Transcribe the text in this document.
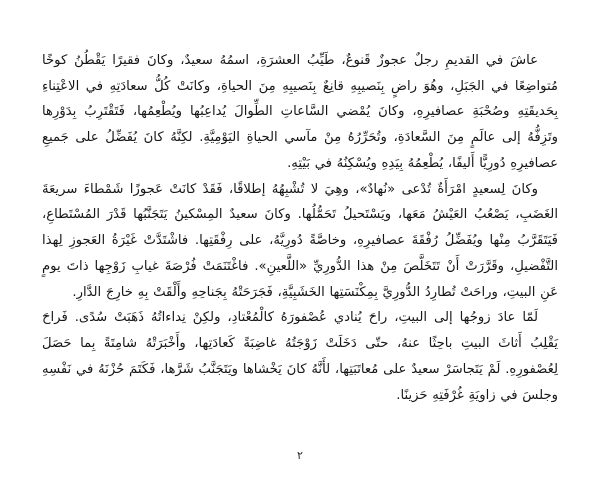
عاشَ في القديمِ رجلٌ عجوزٌ قَنوعٌ، طَيِّبُ العشرَةِ، اسمُهُ سعيدٌ، وكانَ فقيرًا يَقْطُنُ كوخًا مُتواضِعًا في الجَبَلِ، وهُوَ راضٍ بِنَصيبِهِ قانِعٌ بِنَصيبِهِ مِنَ الحياةِ، وكانَتْ كُلُّ سعادَتِهِ في الاعْتِناءِ بِحَديقَتِهِ وصُحْبَةِ عصافيرِهِ، وكانَ يُمْضي السَّاعاتِ الطِّوالَ يُداعِبُها ويُطْعِمُها، فَتَقْتَرِبُ بِدَوْرِها وتَزِفُّهُ إلى عالَمٍ مِنَ السَّعادَةِ، وتُحَرِّرُهُ مِنْ مآسي الحياةِ اليَوْمِيَّةِ. لكِنَّهُ كانَ يُفَضِّلُ على جَميعِ عصافيرِهِ دُورِيًّا أَليفًا، يُطْعِمُهُ بِيَدِهِ ويُسْكِنُهُ في بَيْتِهِ.

وكانَ لِسعيدٍ امْرَأَةٌ تُدْعى «نُهادٌ»، وهِيَ لا تُشْبِهُهُ إطلاقًا، فَقَدْ كانَتْ عَجوزًا شَمْطاءَ سريعَةَ الغَضَبِ، يَصْعُبُ العَيْشُ مَعَها، ويَسْتَحيلُ تَحَمُّلُها. وكانَ سعيدٌ المِسْكينُ يَتَجَنَّبُها قَدْرَ المُسْتَطاعِ، فَيَتَقَرَّبُ مِنْها ويُفَضِّلُ رُفْقَةَ عصافيرِهِ، وخاصَّةً دُورِيَّهُ، على رِفْقَتِها. فاشْتَدَّتْ غَيْرَةُ العَجوزِ لِهذا التَّفْضيلِ، وقَرَّرَتْ أَنْ تَتَخَلَّصَ مِنْ هذا الدُّورِيِّ «اللَّعينِ». فاغْتَنَمَتْ فُرْصَةَ غيابِ زَوْجِها ذاتَ يومٍ عَنِ البيتِ، وراحَتْ تُطارِدُ الدُّورِيَّ بِمِكْنَسَتِها الخَشَبِيَّةِ، فَجَرَحَتْهُ بِجَناحِهِ وأَلْقَتْ بِهِ خارِجَ الدَّارِ.

لَمّا عادَ زوجُها إلى البيتِ، راحَ يُنادي عُصْفورَهُ كالْمُعْتادِ، ولكِنْ نِداءاتُهُ ذَهَبَتْ سُدًى. فَراحَ يَقْلِبُ أَثاثَ البيتِ باحِثًا عنهُ، حتّى دَخَلَتْ زَوْجَتُهُ غاضِبَةً كَعادَتِها، وأَخْبَرَتْهُ شامِتَةً بِما حَصَلَ لِعُصْفورِهِ. لَمْ يَتَجاسَرْ سعيدٌ على مُعاتَبَتِها، لأَنَّهُ كانَ يَخْشاها ويَتَجَنَّبُ شَرَّها، فَكَتَمَ حُزْنَهُ في نَفْسِهِ وجلسَ في زاويَةِ غُرْفَتِهِ حَزينًا.

٢
